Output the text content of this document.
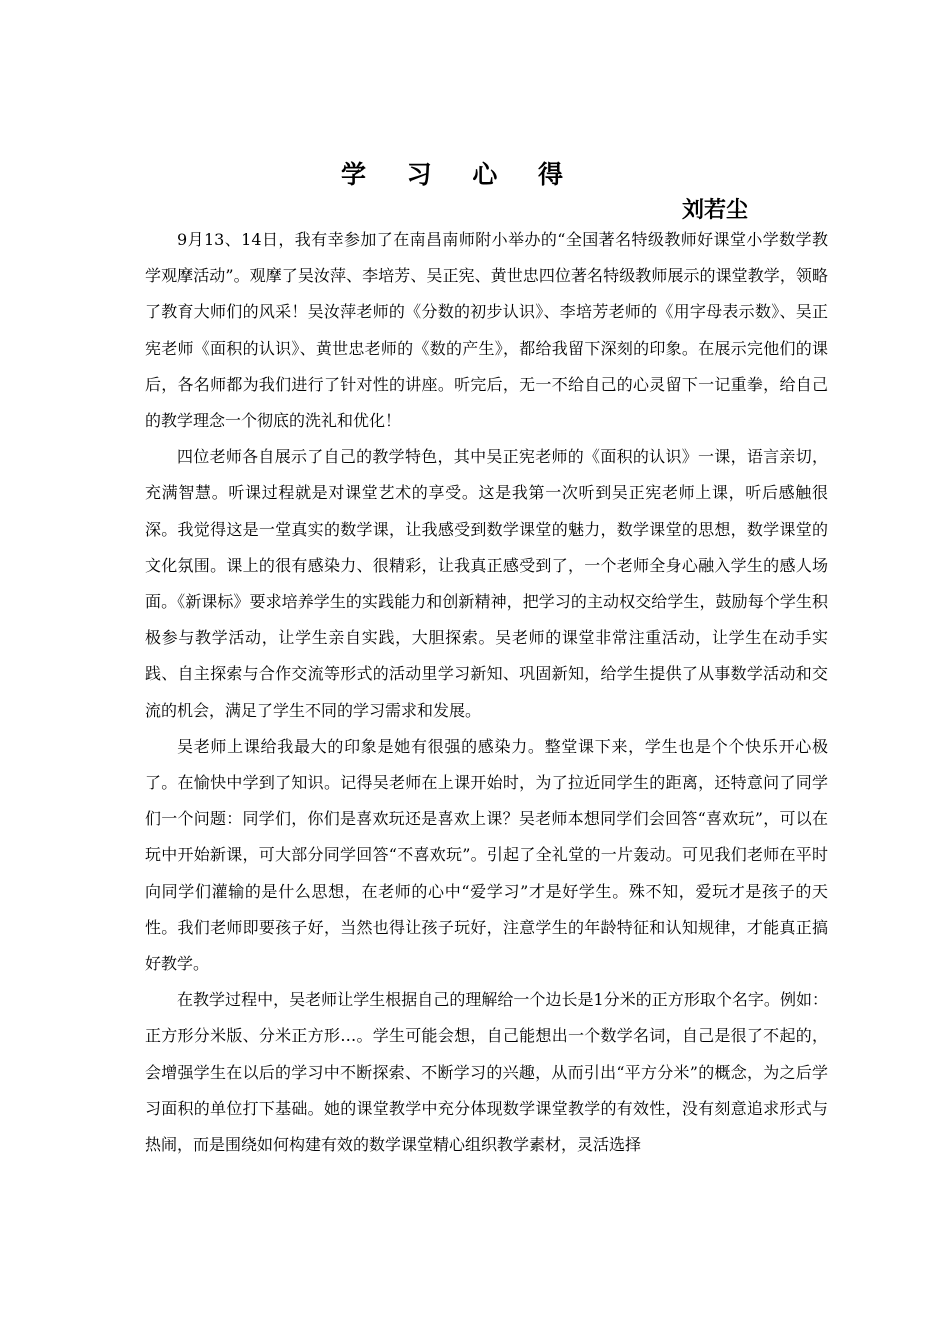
学 习 心 得
刘若尘

9月13、14日，我有幸参加了在南昌南师附小举办的“全国著名特级教师好课堂小学数学教学观摩活动”。观摩了吴汝萍、李培芳、吴正宪、黄世忠四位著名特级教师展示的课堂教学，领略了教育大师们的风采！吴汝萍老师的《分数的初步认识》、李培芳老师的《用字母表示数》、吴正宪老师《面积的认识》、黄世忠老师的《数的产生》，都给我留下深刻的印象。在展示完他们的课后，各名师都为我们进行了针对性的讲座。听完后，无一不给自己的心灵留下一记重拳，给自己的教学理念一个彻底的洗礼和优化！

四位老师各自展示了自己的教学特色，其中吴正宪老师的《面积的认识》一课，语言亲切，充满智慧。听课过程就是对课堂艺术的享受。这是我第一次听到吴正宪老师上课，听后感触很深。我觉得这是一堂真实的数学课，让我感受到数学课堂的魅力，数学课堂的思想，数学课堂的文化氛围。课上的很有感染力、很精彩，让我真正感受到了，一个老师全身心融入学生的感人场面。《新课标》要求培养学生的实践能力和创新精神，把学习的主动权交给学生，鼓励每个学生积极参与教学活动，让学生亲自实践，大胆探索。吴老师的课堂非常注重活动，让学生在动手实践、自主探索与合作交流等形式的活动里学习新知、巩固新知，给学生提供了从事数学活动和交流的机会，满足了学生不同的学习需求和发展。

吴老师上课给我最大的印象是她有很强的感染力。整堂课下来，学生也是个个快乐开心极了。在愉快中学到了知识。记得吴老师在上课开始时，为了拉近同学生的距离，还特意问了同学们一个问题：同学们，你们是喜欢玩还是喜欢上课？吴老师本想同学们会回答“喜欢玩”，可以在玩中开始新课，可大部分同学回答“不喜欢玩”。引起了全礼堂的一片轰动。可见我们老师在平时向同学们灌输的是什么思想，在老师的心中“爱学习”才是好学生。殊不知，爱玩才是孩子的天性。我们老师即要孩子好，当然也得让孩子玩好，注意学生的年龄特征和认知规律，才能真正搞好教学。

在教学过程中，吴老师让学生根据自己的理解给一个边长是1分米的正方形取个名字。例如：正方形分米版、分米正方形…。学生可能会想，自己能想出一个数学名词，自己是很了不起的，会增强学生在以后的学习中不断探索、不断学习的兴趣，从而引出“平方分米”的概念，为之后学习面积的单位打下基础。她的课堂教学中充分体现数学课堂教学的有效性，没有刻意追求形式与热闹，而是围绕如何构建有效的数学课堂精心组织教学素材，灵活选择
